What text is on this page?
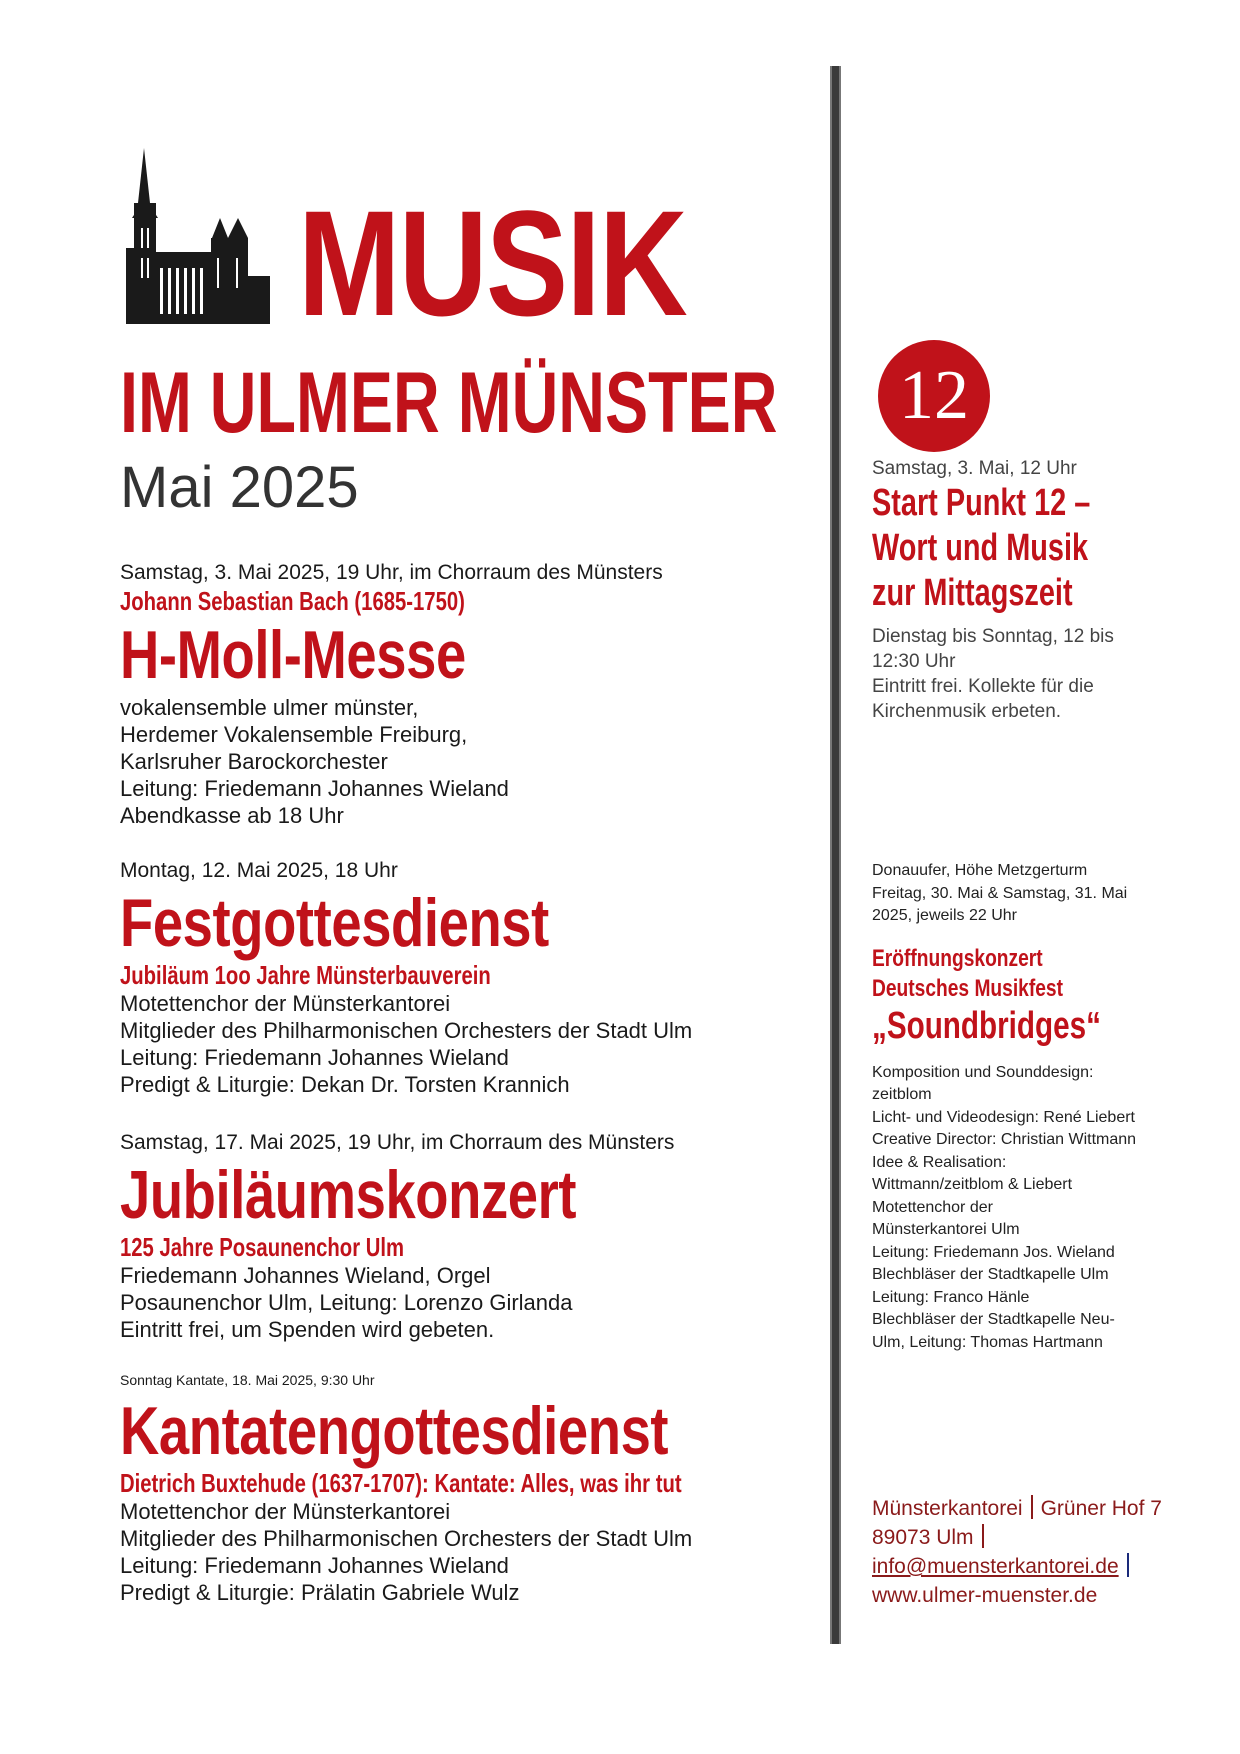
MUSIK
IM ULMER MÜNSTER
Mai 2025
Samstag, 3. Mai 2025, 19 Uhr, im Chorraum des Münsters
Johann Sebastian Bach (1685-1750)
H-Moll-Messe
vokalensemble ulmer münster,
Herdemer Vokalensemble Freiburg,
Karlsruher Barockorchester
Leitung: Friedemann Johannes Wieland
Abendkasse ab 18 Uhr
Montag, 12. Mai 2025, 18 Uhr
Festgottesdienst
Jubiläum 1oo Jahre Münsterbauverein
Motettenchor der Münsterkantorei
Mitglieder des Philharmonischen Orchesters der Stadt Ulm
Leitung: Friedemann Johannes Wieland
Predigt & Liturgie: Dekan Dr. Torsten Krannich
Samstag, 17. Mai 2025, 19 Uhr, im Chorraum des Münsters
Jubiläumskonzert
125 Jahre Posaunenchor Ulm
Friedemann Johannes Wieland, Orgel
Posaunenchor Ulm, Leitung: Lorenzo Girlanda
Eintritt frei, um Spenden wird gebeten.
Sonntag Kantate, 18. Mai 2025, 9:30 Uhr
Kantatengottesdienst
Dietrich Buxtehude (1637-1707): Kantate: Alles, was ihr tut
Motettenchor der Münsterkantorei
Mitglieder des Philharmonischen Orchesters der Stadt Ulm
Leitung: Friedemann Johannes Wieland
Predigt & Liturgie: Prälatin Gabriele Wulz
12
Samstag, 3. Mai, 12 Uhr
Start Punkt 12 –
Wort und Musik
zur Mittagszeit
Dienstag bis Sonntag, 12 bis
12:30 Uhr
Eintritt frei. Kollekte für die
Kirchenmusik erbeten.
Donauufer, Höhe Metzgerturm
Freitag, 30. Mai & Samstag, 31. Mai
2025, jeweils 22 Uhr
Eröffnungskonzert
Deutsches Musikfest
„Soundbridges“
Komposition und Sounddesign:
zeitblom
Licht- und Videodesign: René Liebert
Creative Director: Christian Wittmann
Idee & Realisation:
Wittmann/zeitblom & Liebert
Motettenchor der
Münsterkantorei Ulm
Leitung: Friedemann Jos. Wieland
Blechbläser der Stadtkapelle Ulm
Leitung: Franco Hänle
Blechbläser der Stadtkapelle Neu-
Ulm, Leitung: Thomas Hartmann
Münsterkantorei Grüner Hof 7
89073 Ulm
info@muensterkantorei.de
www.ulmer-muenster.de
